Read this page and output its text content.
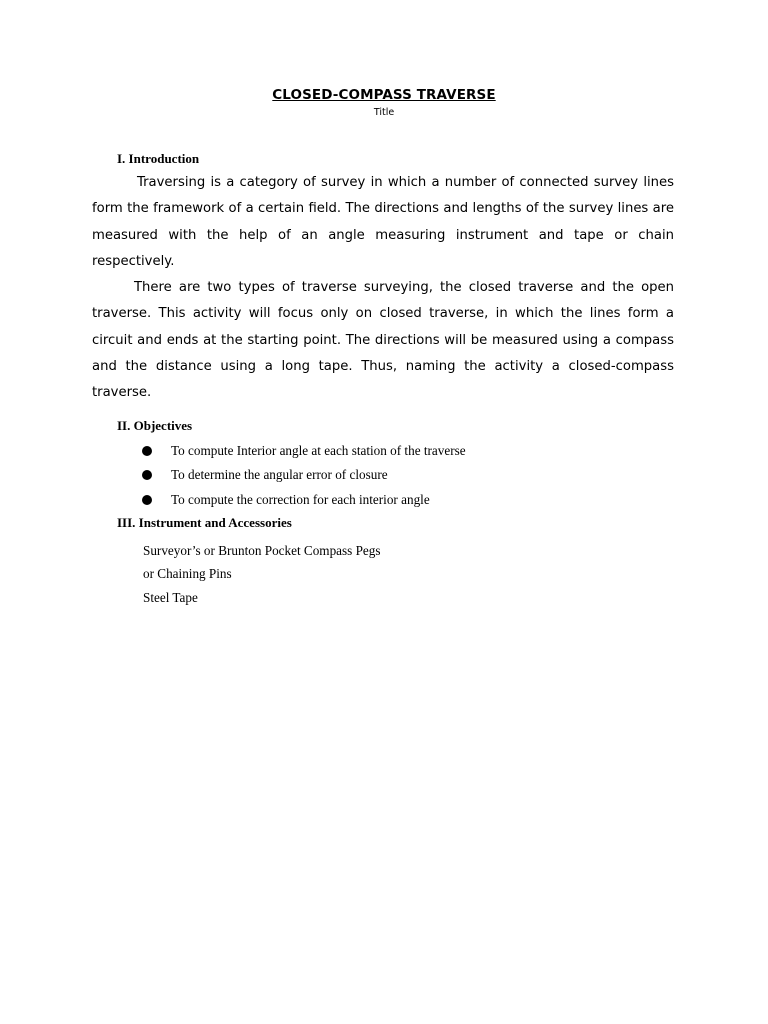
CLOSED-COMPASS TRAVERSE
Title
I. Introduction

Traversing is a category of survey in which a number of connected survey lines form the framework of a certain field. The directions and lengths of the survey lines are measured with the help of an angle measuring instrument and tape or chain respectively.

There are two types of traverse surveying, the closed traverse and the open traverse. This activity will focus only on closed traverse, in which the lines form a circuit and ends at the starting point. The directions will be measured using a compass and the distance using a long tape. Thus, naming the activity a closed-compass traverse.

II. Objectives
To compute Interior angle at each station of the traverse
To determine the angular error of closure
To compute the correction for each interior angle
III. Instrument and Accessories
Surveyor’s or Brunton Pocket Compass Pegs
or Chaining Pins
Steel Tape
